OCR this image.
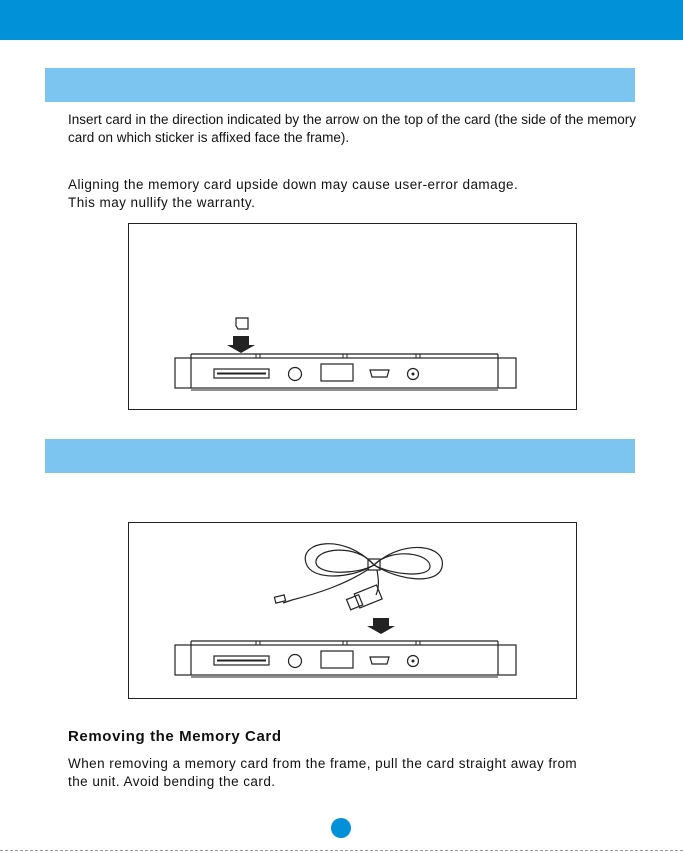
Insert card in the direction indicated by the arrow on the top of the card (the side of the memory card on which sticker is affixed face the frame).

Aligning the memory card upside down may cause user-error damage.

This may nullify the warranty.

Removing the Memory Card

When removing a memory card from the frame, pull the card straight away from

the unit. Avoid bending the card.
